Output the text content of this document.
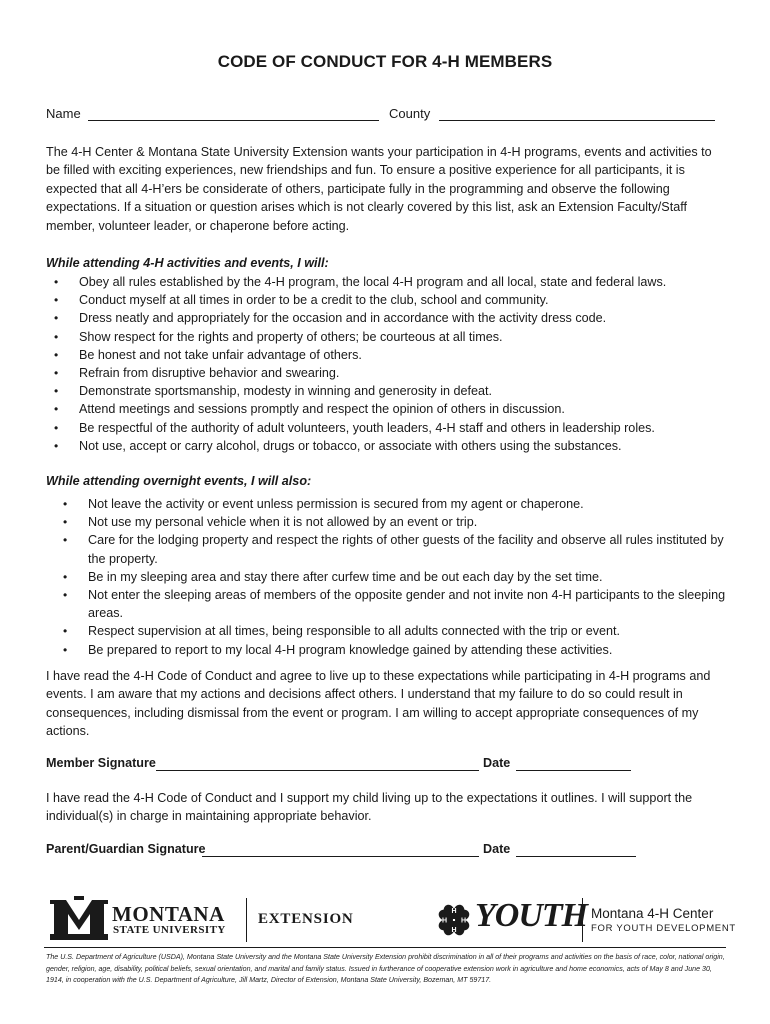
CODE OF CONDUCT FOR 4-H MEMBERS
Name	County
The 4-H Center & Montana State University Extension wants your participation in 4-H programs, events and activities to be filled with exciting experiences, new friendships and fun. To ensure a positive experience for all participants, it is expected that all 4-H’ers be considerate of others, participate fully in the programming and observe the following expectations. If a situation or question arises which is not clearly covered by this list, ask an Extension Faculty/Staff member, volunteer leader, or chaperone before acting.
While attending 4-H activities and events, I will:
• Obey all rules established by the 4-H program, the local 4-H program and all local, state and federal laws.
• Conduct myself at all times in order to be a credit to the club, school and community.
• Dress neatly and appropriately for the occasion and in accordance with the activity dress code.
• Show respect for the rights and property of others; be courteous at all times.
• Be honest and not take unfair advantage of others.
• Refrain from disruptive behavior and swearing.
• Demonstrate sportsmanship, modesty in winning and generosity in defeat.
• Attend meetings and sessions promptly and respect the opinion of others in discussion.
• Be respectful of the authority of adult volunteers, youth leaders, 4-H staff and others in leadership roles.
• Not use, accept or carry alcohol, drugs or tobacco, or associate with others using the substances.
While attending overnight events, I will also:
• Not leave the activity or event unless permission is secured from my agent or chaperone.
• Not use my personal vehicle when it is not allowed by an event or trip.
• Care for the lodging property and respect the rights of other guests of the facility and observe all rules instituted by the property.
• Be in my sleeping area and stay there after curfew time and be out each day by the set time.
• Not enter the sleeping areas of members of the opposite gender and not invite non 4-H participants to the sleeping areas.
• Respect supervision at all times, being responsible to all adults connected with the trip or event.
• Be prepared to report to my local 4-H program knowledge gained by attending these activities.
I have read the 4-H Code of Conduct and agree to live up to these expectations while participating in 4-H programs and events. I am aware that my actions and decisions affect others. I understand that my failure to do so could result in consequences, including dismissal from the event or program. I am willing to accept appropriate consequences of my actions.
Member Signature	Date
I have read the 4-H Code of Conduct and I support my child living up to the expectations it outlines. I will support the individual(s) in charge in maintaining appropriate behavior.
Parent/Guardian Signature	Date
MONTANA
STATE UNIVERSITY
EXTENSION	H
H
H
H YOUTH Montana 4-H Center
FOR YOUTH DEVELOPMENT
The U.S. Department of Agriculture (USDA), Montana State University and the Montana State University Extension prohibit discrimination in all of their programs and activities on the basis of race, color, national origin, gender, religion, age, disability, political beliefs, sexual orientation, and marital and family status. Issued in furtherance of cooperative extension work in agriculture and home economics, acts of May 8 and June 30, 1914, in cooperation with the U.S. Department of Agriculture, Jill Martz, Director of Extension, Montana State University, Bozeman, MT 59717.
